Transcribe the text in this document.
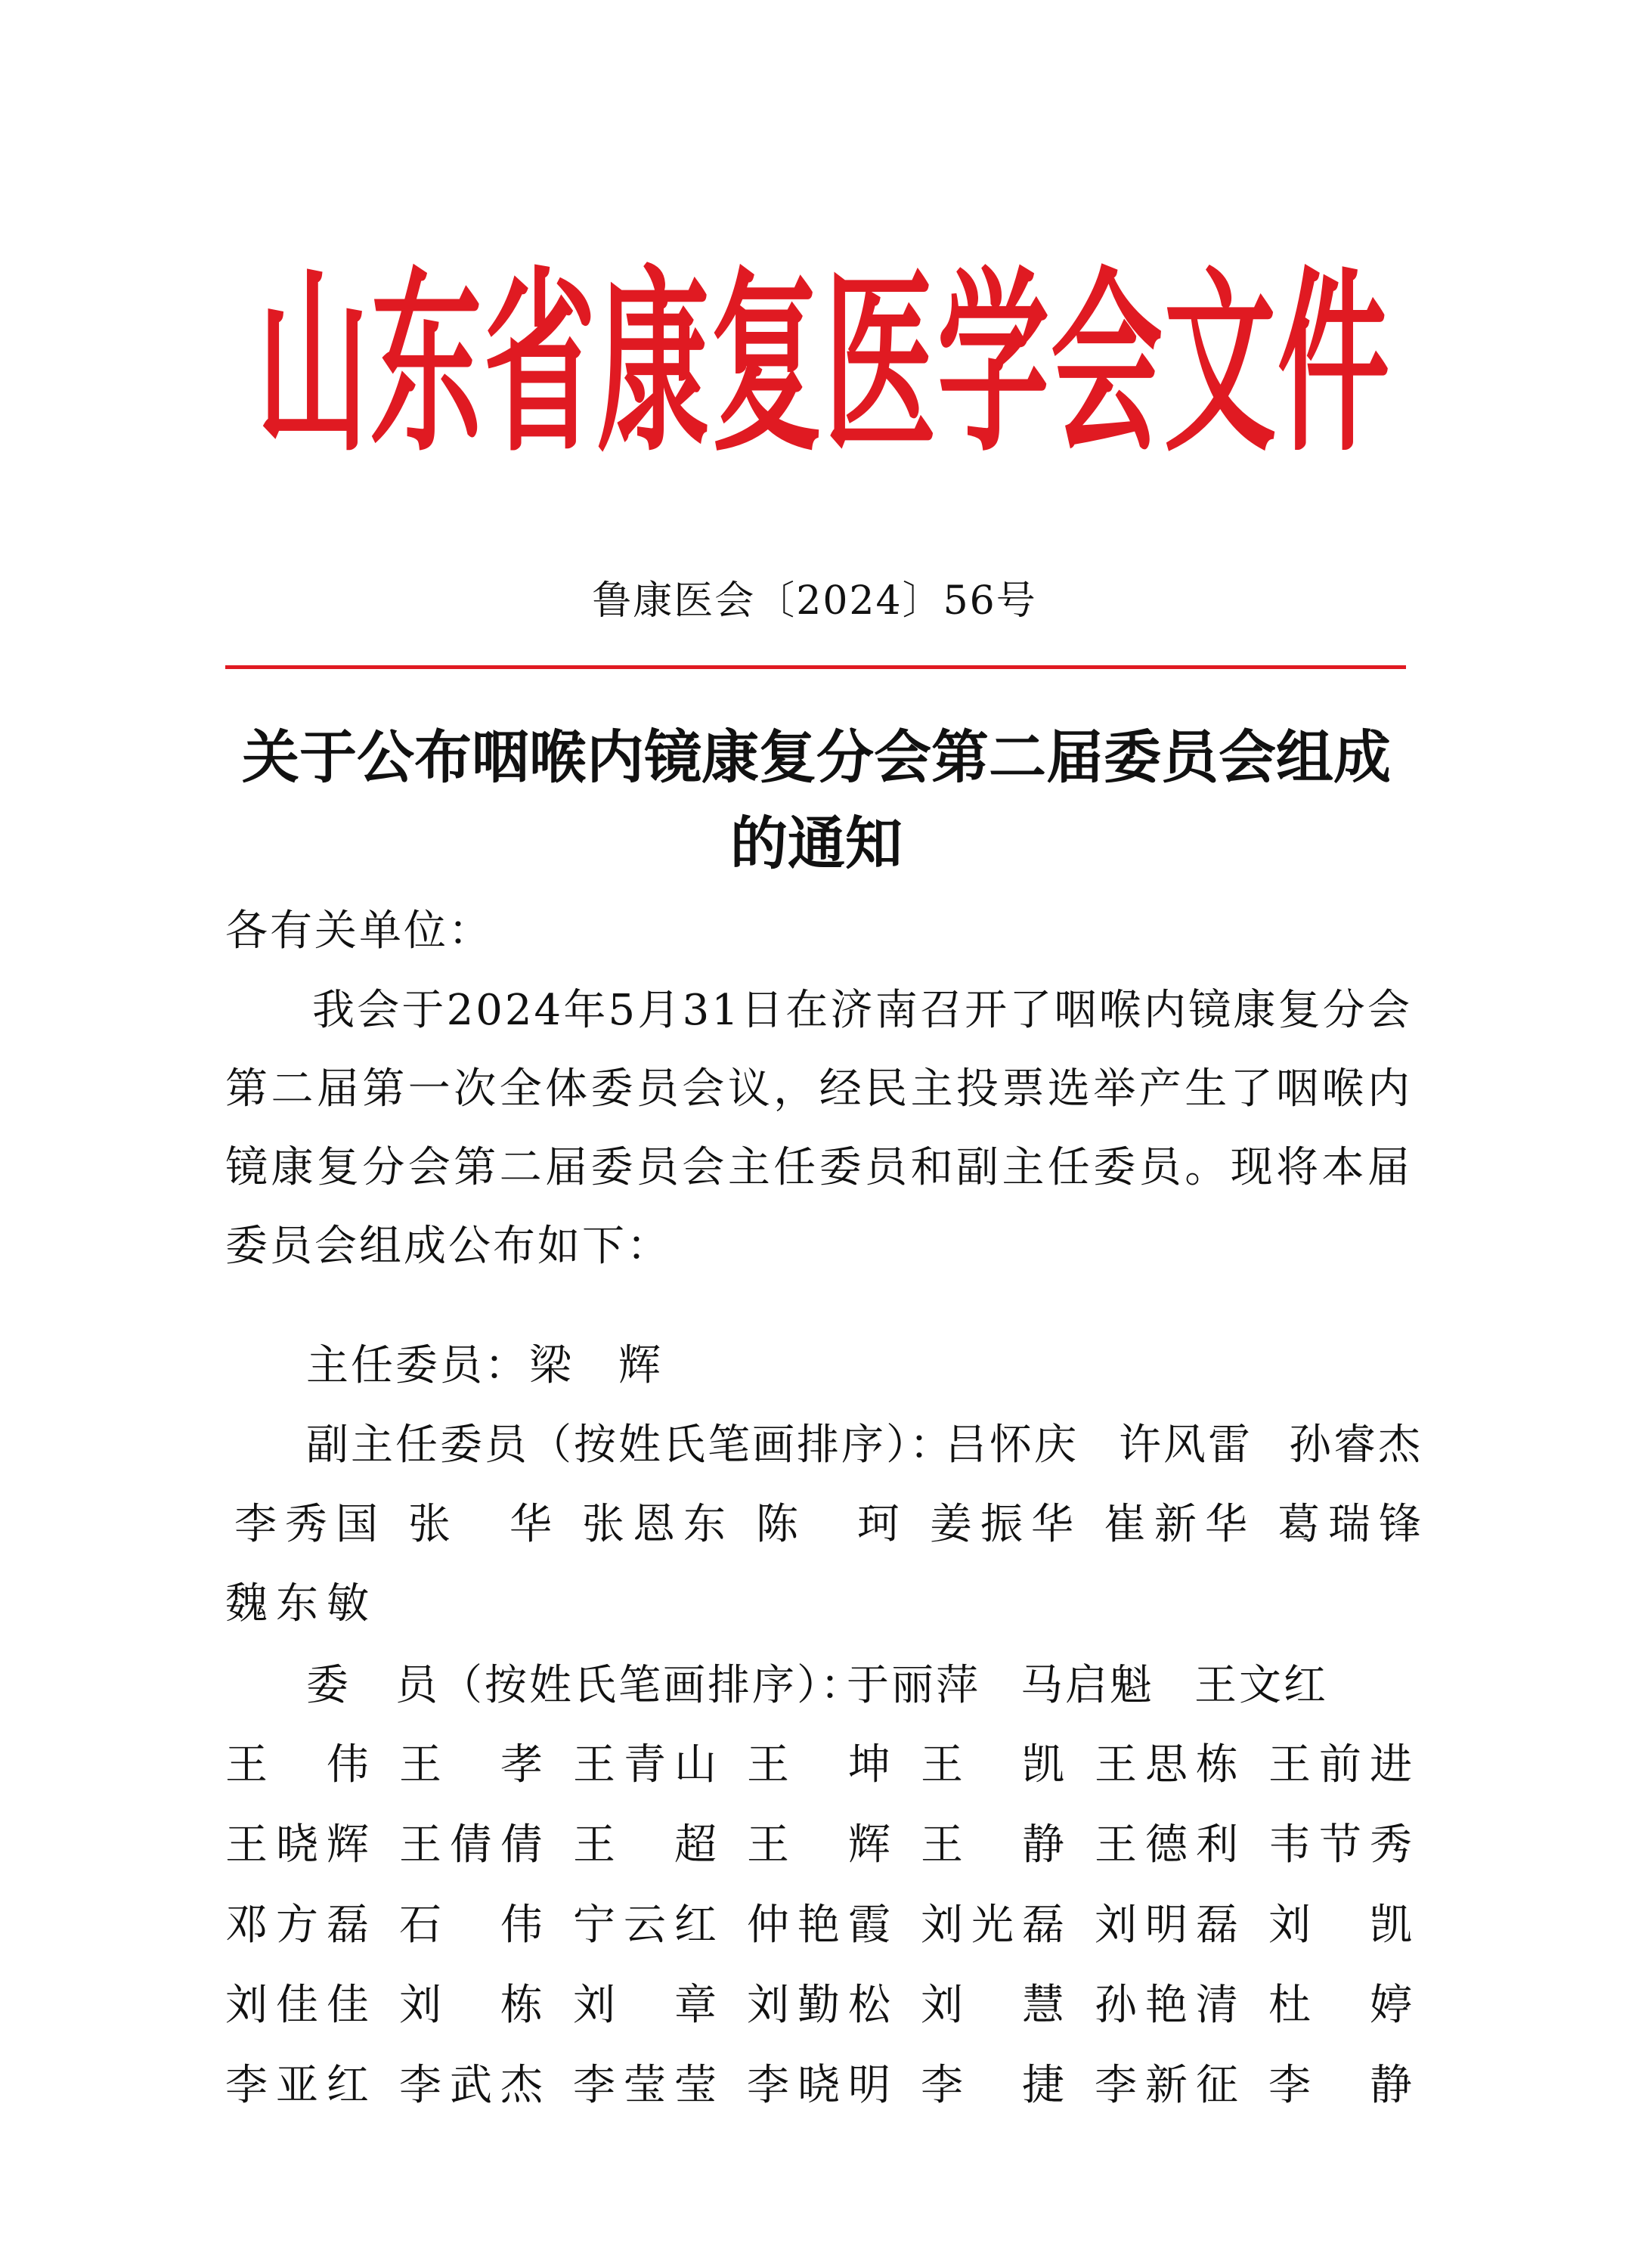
山东省康复医学会文件
鲁康医会〔2024〕56号
关于公布咽喉内镜康复分会第二届委员会组成
的通知
各有关单位：
我会于2024年5月31日在济南召开了咽喉内镜康复分会第二届第一次全体委员会议，经民主投票选举产生了咽喉内镜康复分会第二届委员会主任委员和副主任委员。现将本届委员会组成公布如下：
主任委员：梁　辉
副主任委员（按姓氏笔画排序）：
吕怀庆 许风雷 孙睿杰
李秀国 张　华 张恩东 陈　珂 姜振华 崔新华 葛瑞锋
魏东敏
委　员（按姓氏笔画排序）：
于丽萍 马启魁 王文红
王　伟 王　孝 王青山 王　坤 王　凯 王思栋 王前进
王晓辉 王倩倩 王　超 王　辉 王　静 王德利 韦节秀
邓方磊 石　伟 宁云红 仲艳霞 刘光磊 刘明磊 刘　凯
刘佳佳 刘　栋 刘　章 刘勤松 刘　慧 孙艳清 杜　婷
李亚红 李武杰 李莹莹 李晓明 李　捷 李新征 李　静
